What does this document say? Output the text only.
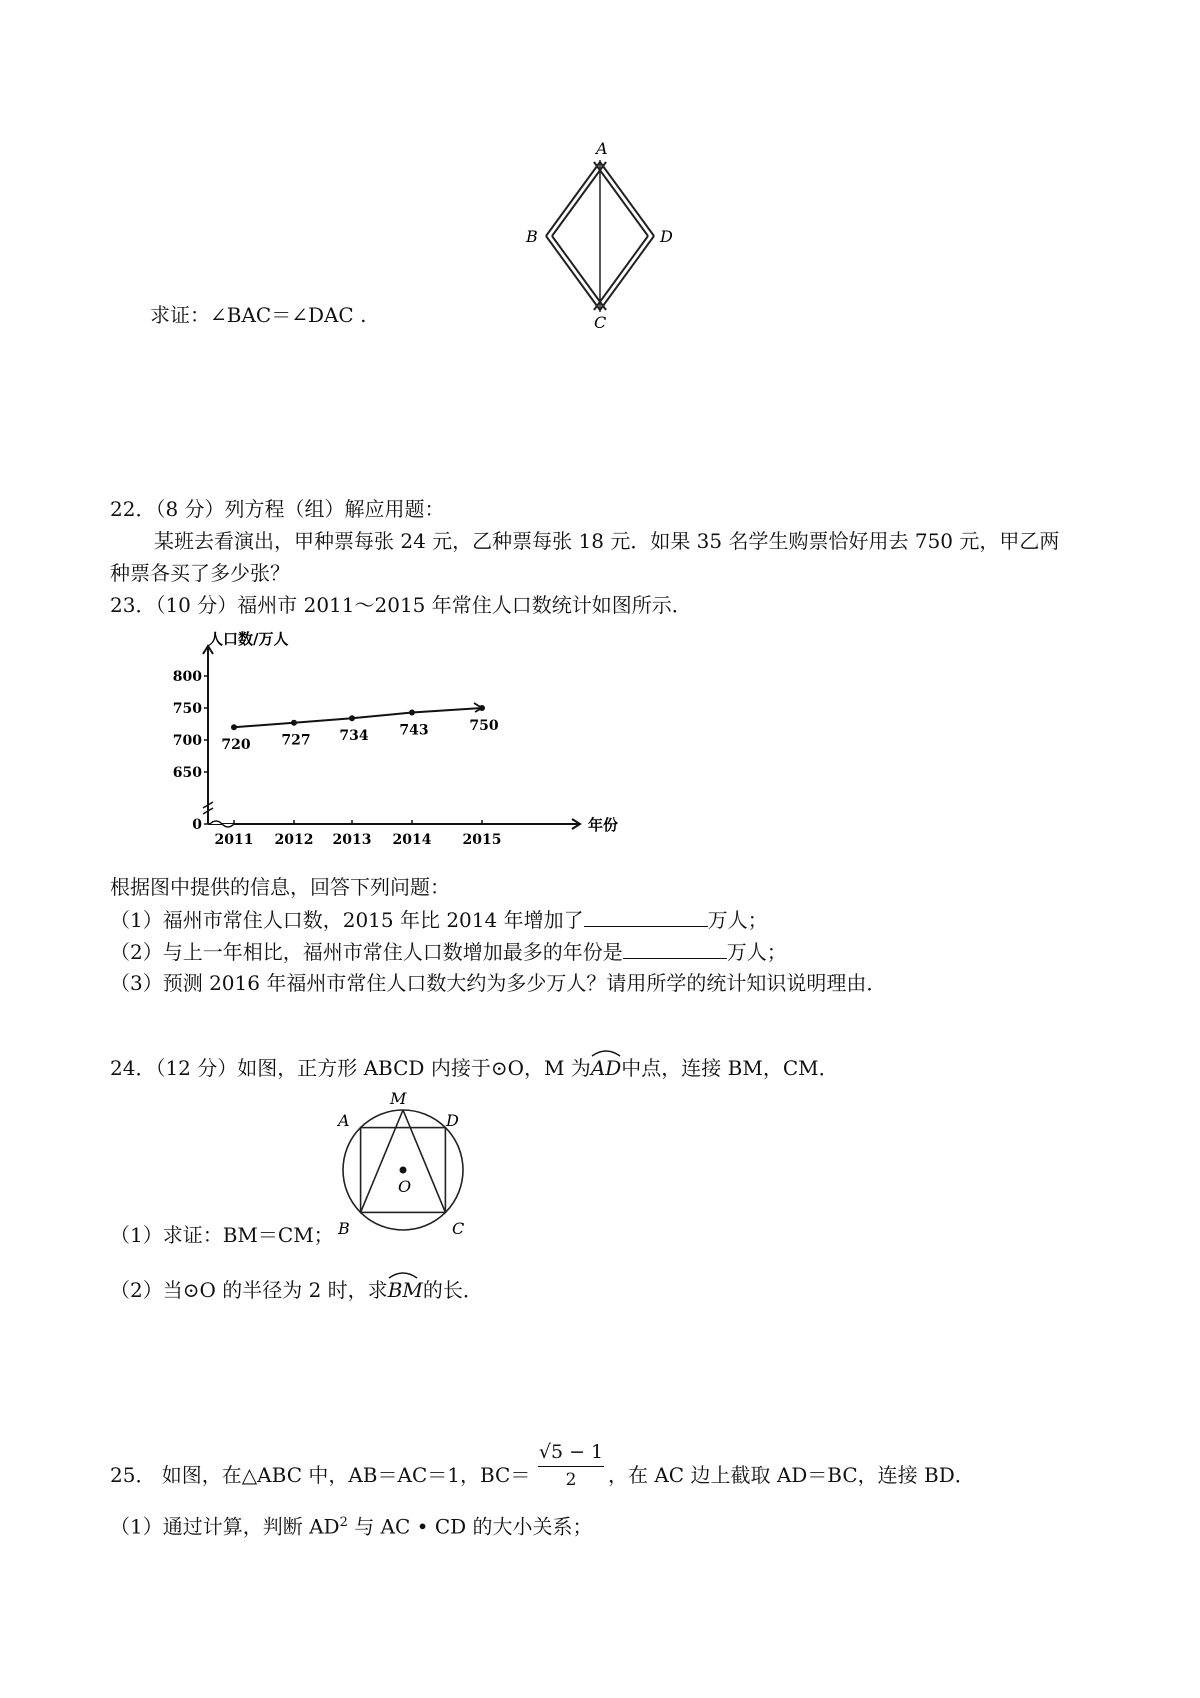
A
B	D
C
求证：∠BAC＝∠DAC .
22．（8 分）列方程（组）解应用题：
某班去看演出，甲种票每张 24 元，乙种票每张 18 元．如果 35 名学生购票恰好用去 750 元，甲乙两
种票各买了多少张？
23．（10 分）福州市 2011～2015 年常住人口数统计如图所示．
人口数/万人
年份
0
650
700
750
800
2011 2012 2013 2014 2015
720 727 734 743	750
根据图中提供的信息，回答下列问题：
（1）福州市常住人口数，2015 年比 2014 年增加了	万人；
（2）与上一年相比，福州市常住人口数增加最多的年份是	万人；
（3）预测 2016 年福州市常住人口数大约为多少万人？请用所学的统计知识说明理由．
24．（12 分）如图，正方形 ABCD 内接于⊙O，M 为
AD中点，连接 BM，CM．
M
A	D
O
B	C
（1）求证：BM＝CM；
（2）当⊙O 的半径为 2 时，求
BM的长．
25． 如图，在△ABC 中，AB＝AC＝1，BC＝
√5 − 1
2	，在 AC 边上截取 AD＝BC，连接 BD．
（1）通过计算，判断 $AD^2$ 与 AC • CD 的大小关系；
